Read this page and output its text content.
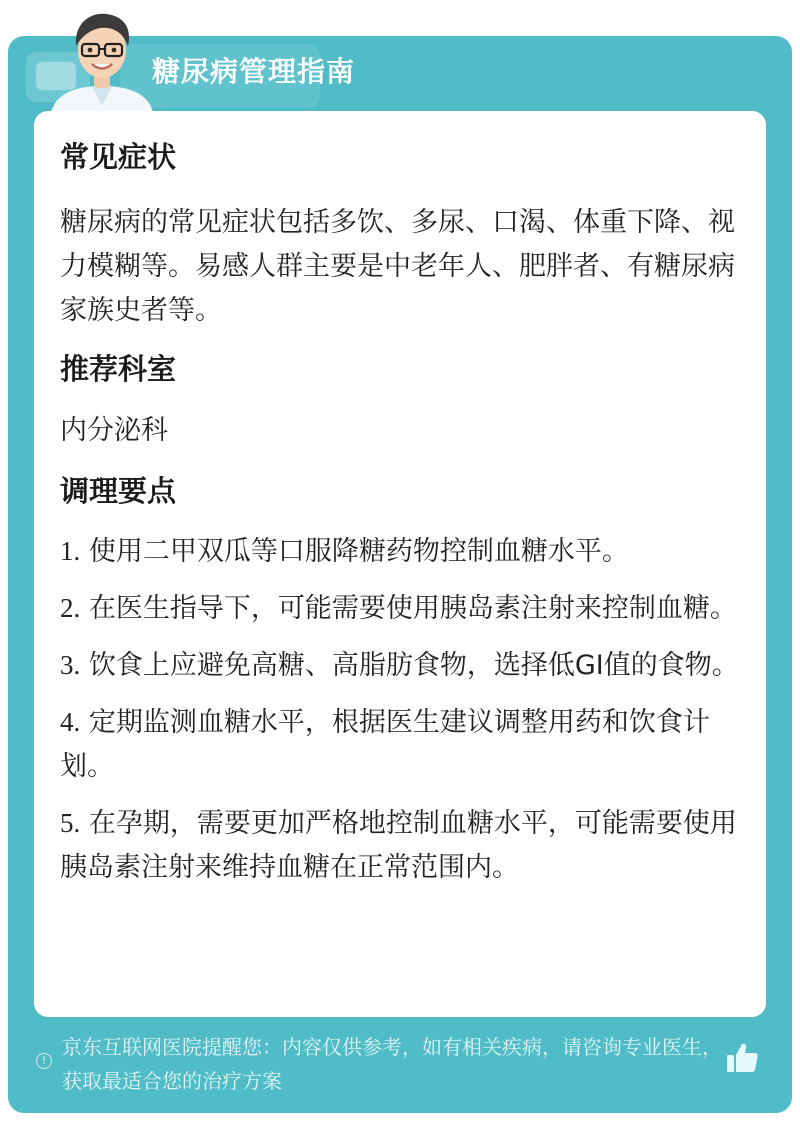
糖尿病管理指南
常见症状
糖尿病的常见症状包括多饮、多尿、口渴、体重下降、视力模糊等。易感人群主要是中老年人、肥胖者、有糖尿病家族史者等。
推荐科室
内分泌科
调理要点
1. 使用二甲双瓜等口服降糖药物控制血糖水平。
2. 在医生指导下，可能需要使用胰岛素注射来控制血糖。
3. 饮食上应避免高糖、高脂肪食物，选择低GI值的食物。
4. 定期监测血糖水平，根据医生建议调整用药和饮食计划。
5. 在孕期，需要更加严格地控制血糖水平，可能需要使用胰岛素注射来维持血糖在正常范围内。
!
京东互联网医院提醒您：内容仅供参考，如有相关疾病，请咨询专业医生，获取最适合您的治疗方案
